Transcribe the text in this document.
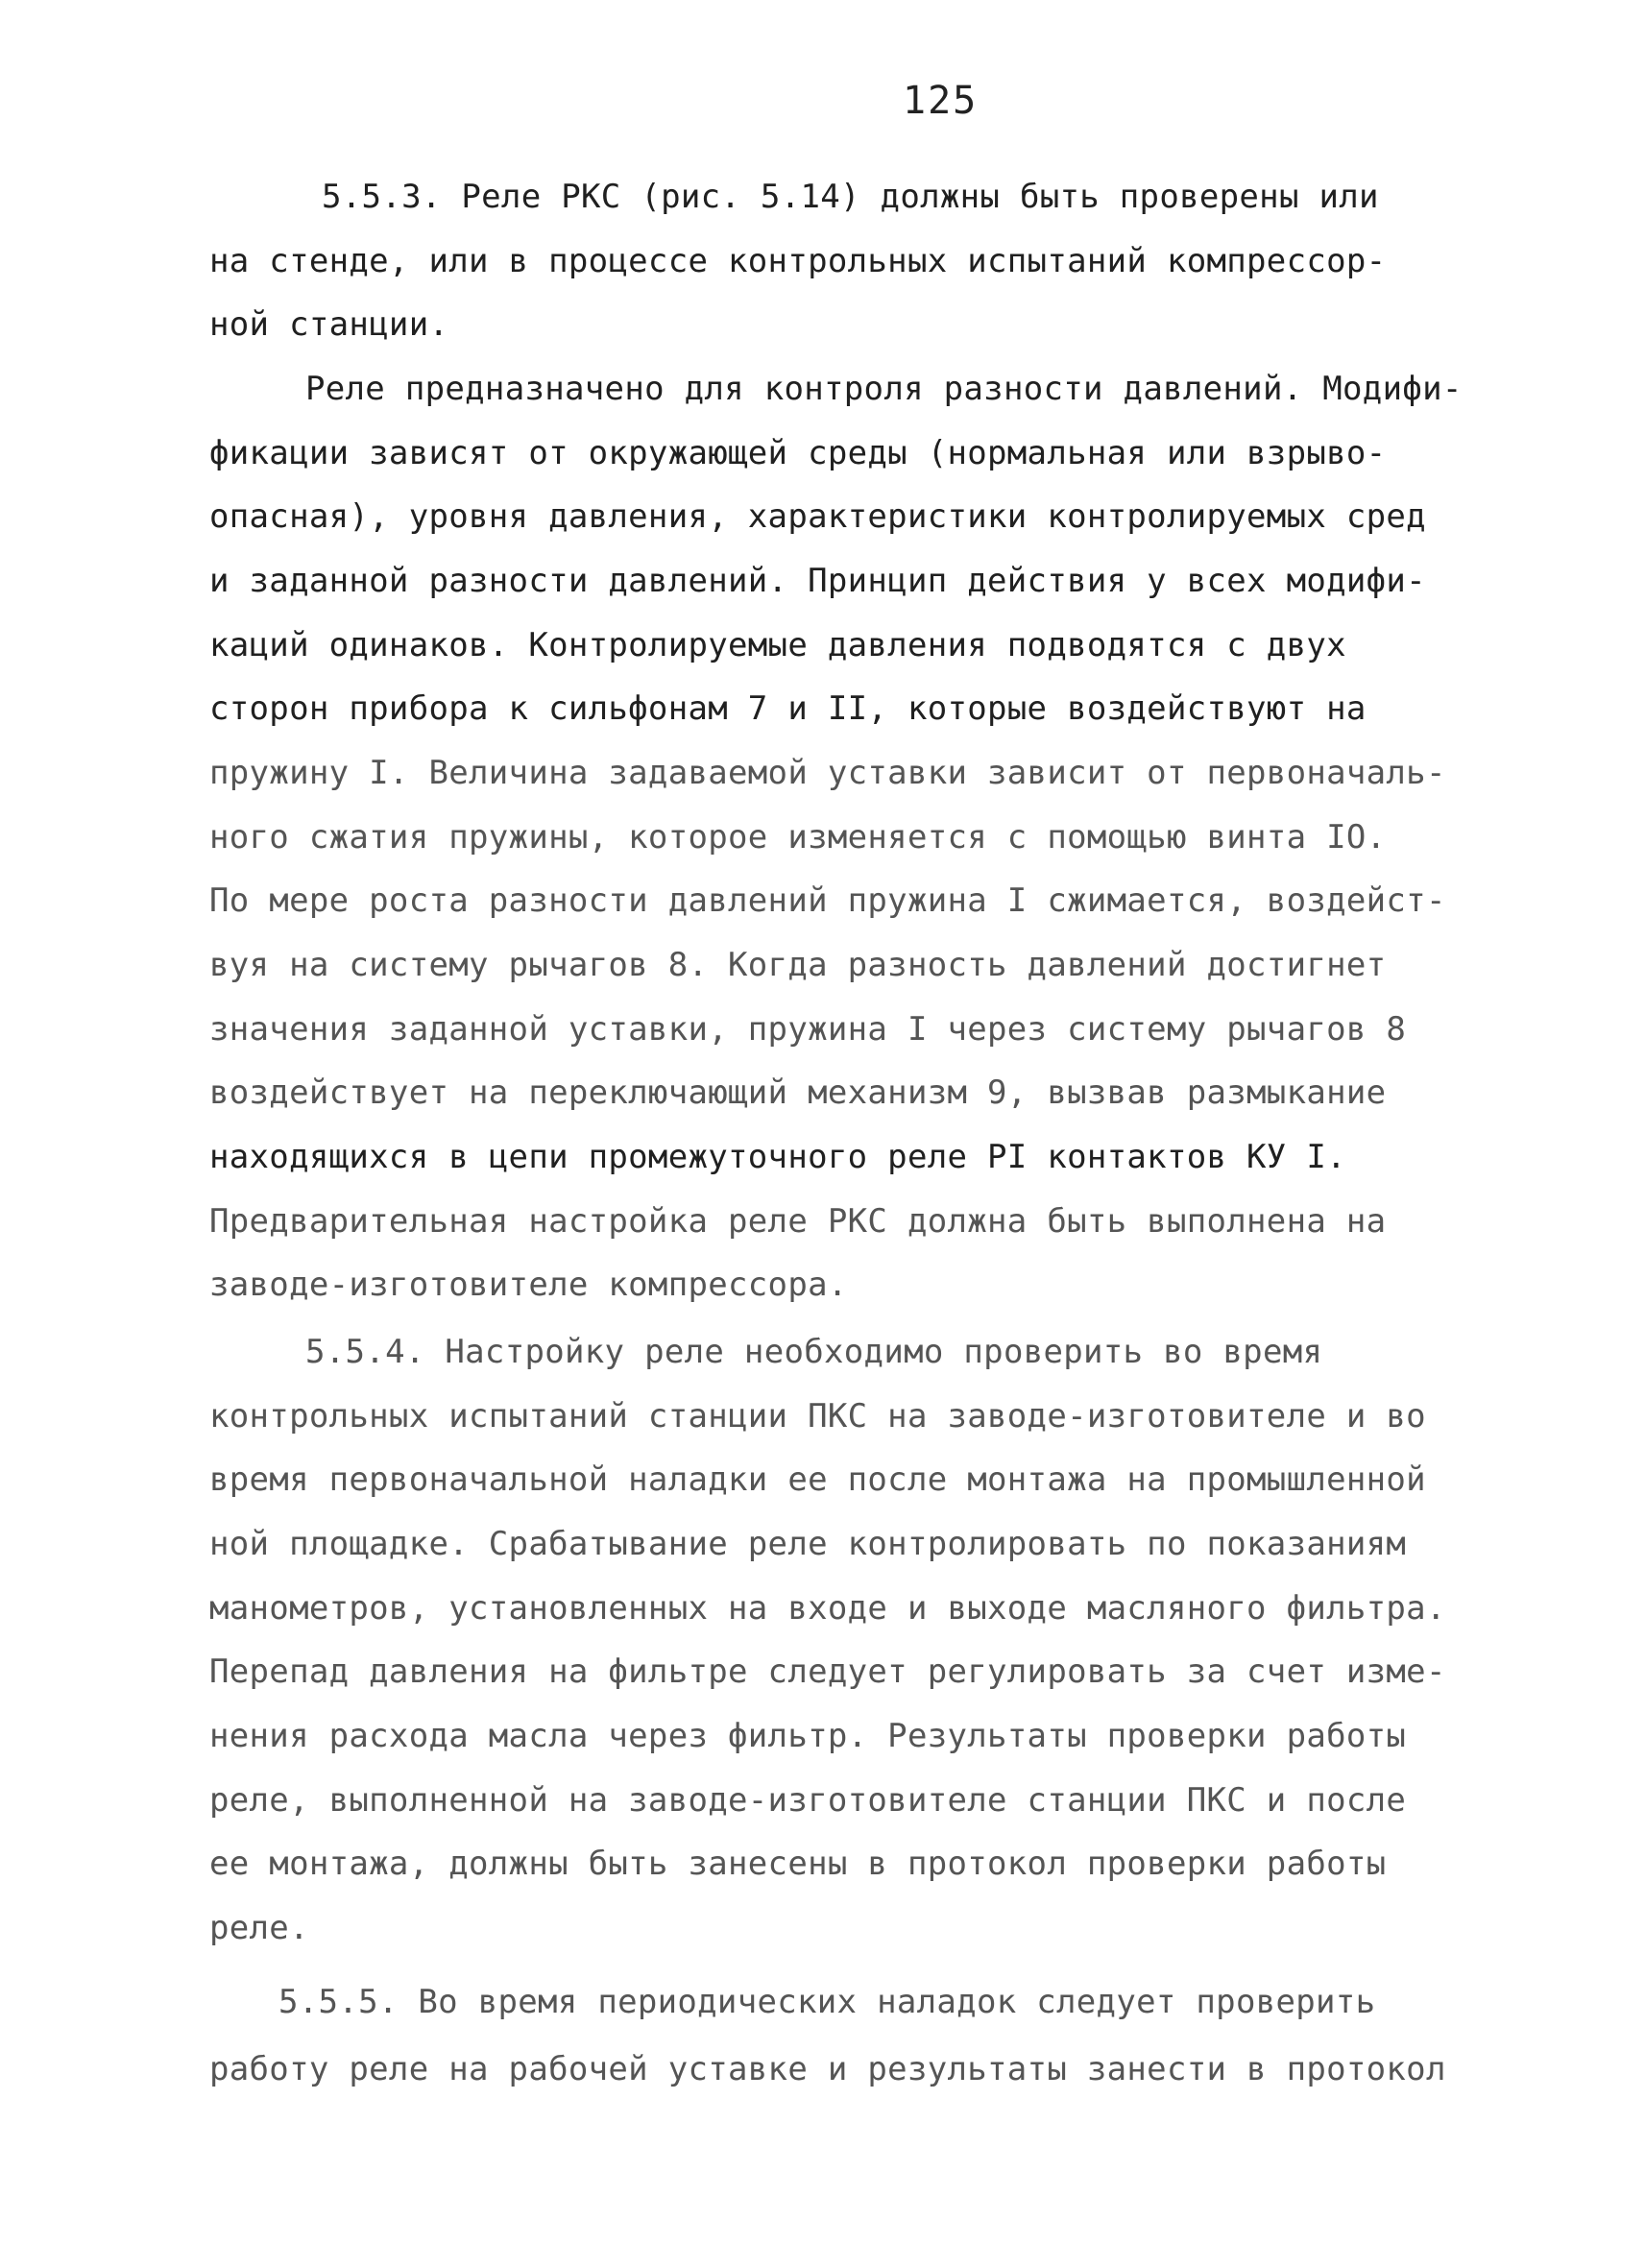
125
5.5.3. Реле РКС (рис. 5.14) должны быть проверены или
на стенде, или в процессе контрольных испытаний компрессор-
ной станции.
Реле предназначено для контроля разности давлений. Модифи-
фикации зависят от окружающей среды (нормальная или взрыво-
опасная), уровня давления, характеристики контролируемых сред
и заданной разности давлений. Принцип действия у всех модифи-
каций одинаков. Контролируемые давления подводятся с двух
сторон прибора к сильфонам 7 и II, которые воздействуют на
пружину I. Величина задаваемой уставки зависит от первоначаль-
ного сжатия пружины, которое изменяется с помощью винта IО.
По мере роста разности давлений пружина I сжимается, воздейст-
вуя на систему рычагов 8. Когда разность давлений достигнет
значения заданной уставки, пружина I через систему рычагов 8
воздействует на переключающий механизм 9, вызвав размыкание
находящихся в цепи промежуточного реле РI контактов КУ I.
Предварительная настройка реле РКС должна быть выполнена на
заводе-изготовителе компрессора.
5.5.4. Настройку реле необходимо проверить во время
контрольных испытаний станции ПКС на заводе-изготовителе и во
время первоначальной наладки ее после монтажа на промышленной
ной площадке. Срабатывание реле контролировать по показаниям
манометров, установленных на входе и выходе масляного фильтра.
Перепад давления на фильтре следует регулировать за счет изме-
нения расхода масла через фильтр. Результаты проверки работы
реле, выполненной на заводе-изготовителе станции ПКС и после
ее монтажа, должны быть занесены в протокол проверки работы
реле.
5.5.5. Во время периодических наладок следует проверить
работу реле на рабочей уставке и результаты занести в протокол
